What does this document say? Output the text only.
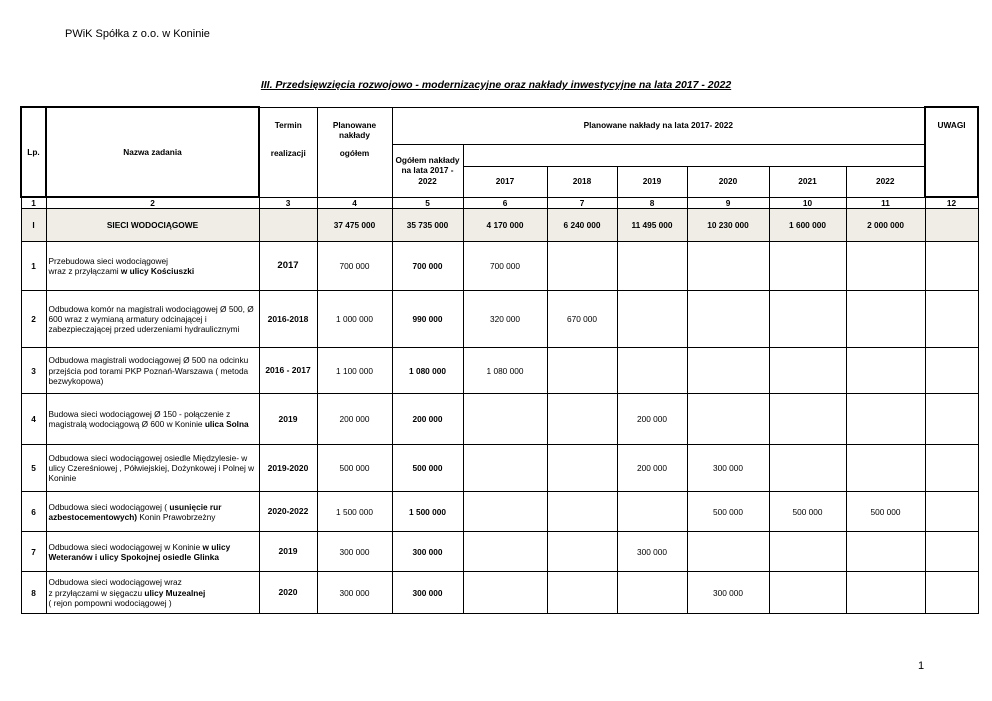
PWiK Spółka z o.o. w Koninie
III. Przedsięwzięcia rozwojowo - modernizacyjne oraz nakłady inwestycyjne na lata 2017 - 2022
Lp.	Nazwa zadania	Termin	Planowane nakłady	Planowane nakłady na lata 2017- 2022							UWAGI
		realizacji	ogółem	Ogółem nakłady na lata 2017 - 2022							
					2017	2018	2019	2020	2021	2022	
1	2	3	4	5	6	7	8	9	10	11	12
I	SIECI WODOCIĄGOWE		37 475 000	35 735 000	4 170 000	6 240 000	11 495 000	10 230 000	1 600 000	2 000 000	
1	Przebudowa sieci wodociągowej
wraz z przyłączami w ulicy Kościuszki	2017	700 000	700 000	700 000						
2	Odbudowa komór na magistrali wodociągowej Ø 500, Ø 600 wraz z wymianą armatury odcinającej i zabezpieczającej przed uderzeniami hydraulicznymi	2016-2018	1 000 000	990 000	320 000	670 000					
3	Odbudowa magistrali wodociągowej Ø 500 na odcinku przejścia pod torami PKP Poznań-Warszawa ( metoda bezwykopowa)	2016 - 2017	1 100 000	1 080 000	1 080 000						
4	Budowa sieci wodociągowej Ø 150 - połączenie z magistralą wodociągową Ø 600 w Koninie ulica Solna	2019	200 000	200 000			200 000				
5	Odbudowa sieci wodociągowej osiedle Międzylesie- w ulicy Czereśniowej , Półwiejskiej, Dożynkowej i Polnej w Koninie	2019-2020	500 000	500 000			200 000	300 000			
6	Odbudowa sieci wodociągowej ( usunięcie rur azbestocementowych) Konin Prawobrzeżny	2020-2022	1 500 000	1 500 000				500 000	500 000	500 000	
7	Odbudowa sieci wodociągowej w Koninie w ulicy Weteranów i ulicy Spokojnej osiedle Glinka	2019	300 000	300 000			300 000				
8	Odbudowa sieci wodociągowej wraz
z przyłączami w sięgaczu ulicy Muzealnej
( rejon pompowni wodociągowej )	2020	300 000	300 000				300 000			
1
